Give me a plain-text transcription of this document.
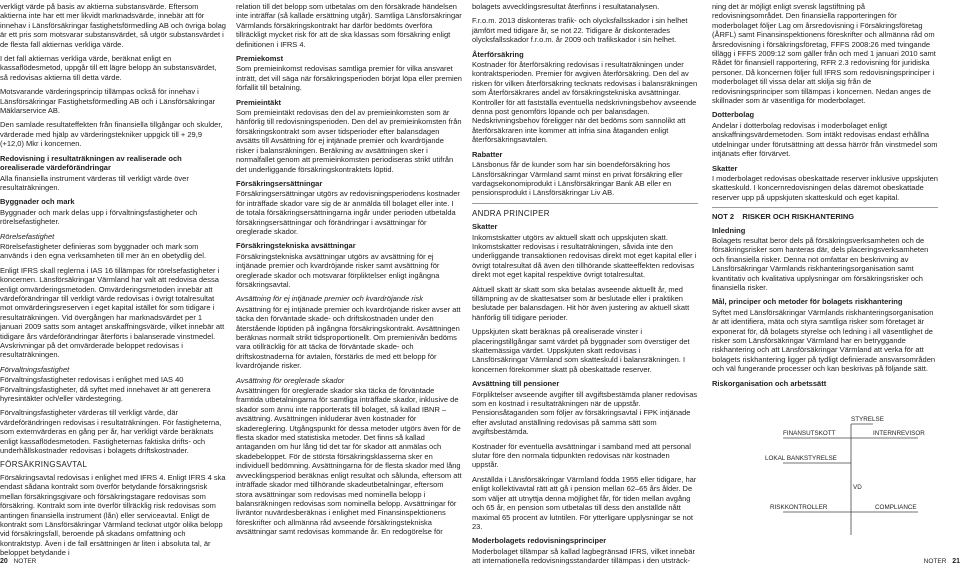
verkligt värde på basis av aktierna substansvärde. Eftersom aktierna inte har ett mer likvidt marknadsvärde, innebär att för innehav i Länsförsäkringar fastighetsförmedling AB och övriga bolag är ett pris som motsvarar substansvärdet, så utgör substansvärdet i de flesta fall aktiernas verkliga värde.

I det fall aktiernas verkliga värde, beräknat enligt en kassaflödesmetod, uppgår till ett lägre belopp än substansvärdet, så redovisas aktierna till detta värde.

Motsvarande värderingsprincip tillämpas också för innehav i Länsförsäkringar Fastighetsförmedling AB och i Länsförsäkringar Mäklarservice AB.

Den samlade resultateffekten från finansiella tillgångar och skulder, värderade med hjälp av värderingstekniker uppgick till + 29,9 (+12,0) Mkr i koncernen.

Redovisning i resultaträkningen av realiserade och orealiserade värdeförändringar

Alla finansiella instrument värderas till verkligt värde över resultaträkningen.

Byggnader och mark

Byggnader och mark delas upp i förvaltningsfastigheter och rörelsefastigheter.

Rörelsefastighet

Rörelsefastigheter definieras som byggnader och mark som används i den egna verksamheten till mer än en obetydlig del.

Enligt IFRS skall reglerna i IAS 16 tillämpas för rörelsefastigheter i koncernen. Länsförsäkringar Värmland har valt att redovisa dessa enligt omvärderingsmetoden. Omvärderingsmetoden innebär att värdeförändringar till verkligt värde redovisas i övrigt totalresultat mot omvärderingsreserven i eget kapital istället för som tidigare i resultaträkningen. Vid övergången har marknadsvärdet per 1 januari 2009 satts som antaget anskaffningsvärde, vilket innebär att tidigare års värdeförändringar återförts i balanserade vinstmedel. Avskrivningar på det omvärderade beloppet redovisas i resultaträkningen.

Förvaltningsfastighet

Förvaltningsfastigheter redovisas i enlighet med IAS 40 Förvaltningsfastigheter, då syftet med innehavet är att generera hyresintäkter och/eller värdestegring.

Förvaltningsfastigheter värderas till verkligt värde, där värdeförändringen redovisas i resultaträkningen. För fastigheterna, som externvärderas en gång per år, har verkligt värde beräknats enligt kassaflödesmetoden. Fastigheternas faktiska drifts- och underhållskostnader redovisas i bolagets driftskostnader.

FÖRSÄKRINGSAVTAL

Försäkringsavtal redovisas i enlighet med IFRS 4. Enligt IFRS 4 ska endast sådana kontrakt som överför betydande försäkringsrisk mellan försäkringsgivare och försäkringstagare redovisas som försäkring. Kontrakt som inte överför tillräcklig risk redovisas som antingen finansiella instrument (lån) eller serviceavtal. Enligt de kontrakt som Länsförsäkringar Värmland tecknat utgör olika belopp vid försäkringsfall, beroende på skadans omfattning och kontraktstyp. Även i de fall ersättningen är liten i absoluta tal, är beloppet betydande i

relation till det belopp som utbetalas om den försäkrade händelsen inte inträffar (så kallade ersättning utgår). Samtliga Länsförsäkringar Värmlands försäkringskontrakt har därför bedömts överföra tillräckligt mycket risk för att de ska klassas som försäkring enligt definitionen i IFRS 4.

Premiekomst

Som premieinkomst redovisas samtliga premier för vilka ansvaret inträtt, det vill säga när försäkringsperioden börjat löpa eller premien förfallit till betalning.

Premieintäkt

Som premieintäkt redovisas den del av premieinkomsten som är hänförlig till redovisningsperioden. Den del av premieinkomsten från försäkringskontrakt som avser tidsperioder efter balansdagen avsätts till Avsättning för ej intjänade premier och kvardröjande risker i balansräkningen. Beräkning av avsättningen sker i normalfallet genom att premieinkomsten periodiseras strikt utifrån det underliggande försäkringskontraktets löptid.

Försäkringsersättningar

Försäkringsersättningar utgörs av redovisningsperiodens kostnader för inträffade skador vare sig de är anmälda till bolaget eller inte. I de totala försäkringsersättningarna ingår under perioden utbetalda försäkringsersättningar och förändringar i avsättningar för oreglerade skador.

Försäkringstekniska avsättningar

Försäkringstekniska avsättningar utgörs av avsättning för ej intjänade premier och kvardröjande risker samt avsättning för oreglerade skador och motsvarar förpliktelser enligt ingångna försäkringsavtal.

Avsättning för ej intjänade premier och kvardröjande risk

Avsättning för ej intjänade premier och kvardröjande risker avser att täcka den förväntade skade- och driftskostnaden under den återstående löptiden på ingångna försäkringskontrakt. Avsättningen beräknas normalt strikt tidsproportionellt. Om premienivån bedöms vara otillräcklig för att täcka de förväntade skade- och driftskostnaderna för avtalen, förstärks de med ett belopp för kvardröjande risker.

Avsättning för oreglerade skador

Avsättningen för oreglerade skador ska täcka de förväntade framtida utbetalningarna för samtliga inträffade skador, inklusive de skador som ännu inte rapporterats till bolaget, så kallad IBNR – avsättning. Avsättningen inkluderar även kostnader för skadereglering. Utgångspunkt för dessa metoder utgörs även för de flesta skador med statistiska metoder. Det finns så kallad antaganden om hur lång tid det tar för skador att anmälas och skadebeloppet. För de största försäkringsklasserna sker en individuell bedömning. Avsättningarna för de flesta skador med lång avvecklingsperiod beräknas enligt resultat och sålunda, eftersom att inträffade skador med tillhörande skadeutbetalningar, eftersom stora avsättningar som redovisas med nominella belopp i balansräkningen redovisas som nominella belopp. Avsättningar för livräntor nuvärdesberäknas i enlighet med Finansinspektionens föreskrifter och allmänna råd avseende försäkringstekniska avsättningar samt redovisas kommande år. En redogörelse för

bolagets avvecklingsresultat återfinns i resultatanalysen.

F.r.o.m. 2013 diskonteras trafik- och olycksfallsskador i sin helhet jämfört med tidigare år, se not 22. Tidigare år diskonterades olycksfallsskador f.r.o.m. år 2009 och trafikskador i sin helhet.

Återförsäkring

Kostnader för återförsäkring redovisas i resultaträkningen under kontraktsperioden. Premier för avgiven återförsäkring. Den del av risken för vilken återförsäkring tecknats redovisas i balansräkningen som Återförsäkrares andel av försäkringstekniska avsättningar. Kontroller för att fastställa eventuella nedskrivningsbehov avseende denna post genomförs löpande och per balansdagen. Nedskrivningsbehov föreligger när det bedöms som sannolikt att återförsäkraren inte kommer att infria sina åtaganden enligt återförsäkringsavtalen.

Rabatter

Länsbonus får de kunder som har sin boendeförsäkring hos Länsförsäkringar Värmland samt minst en privat försäkring eller vardagsekonomiprodukt i Länsförsäkringar Bank AB eller en pensionsprodukt i Länsförsäkringar Liv AB.

ANDRA PRINCIPER
Skatter

Inkomstskatter utgörs av aktuell skatt och uppskjuten skatt. Inkomstskatter redovisas i resultaträkningen, såvida inte den underliggande transaktionen redovisas direkt mot eget kapital eller i övrigt totalresultat då även den tillhörande skatteeffekten redovisas direkt mot eget kapital respektive övrigt totalresultat.

Aktuell skatt är skatt som ska betalas avseende aktuellt år, med tillämpning av de skattesatser som är beslutade eller i praktiken beslutade per balansdagen. Hit hör även justering av aktuell skatt hänförlig till tidigare perioder.

Uppskjuten skatt beräknas på orealiserade vinster i placeringstillgångar samt värdet på byggnader som överstiger det skattemässiga värdet. Uppskjuten skatt redovisas i Länsförsäkringar Värmland som skatteskuld i balansräkningen. I koncernen förekommer skatt på obeskattade reserver.

Avsättning till pensioner

Förpliktelser avseende avgifter till avgiftsbestämda planer redovisas som en kostnad i resultaträkningen när de uppstår. Pensionsåtaganden som följer av försäkringsavtal i FPK intjänade efter avslutad anställning redovisas på samma sätt som avgiftsbestämda.

Kostnader för eventuella avsättningar i samband med att personal slutar före den normala tidpunkten redovisas när kostnaden uppstår.

Anställda i Länsförsäkringar Värmland födda 1955 eller tidigare, har enligt kollektivavtal rätt att gå i pension mellan 62–65 års ålder. De som väljer att utnyttja denna möjlighet får, för tiden mellan avgång och 65 år, en pension som utbetalas till dess den anställde nått maximal 65 procent av lutntilen. För ytterligare upplysningar se not 23.

Moderbolagets redovisningsprinciper

Moderbolaget tillämpar så kallad lagbegränsad IFRS, vilket innebär att internationella redovisningsstandarder tillämpas i den utsträck-

ning det är möjligt enligt svensk lagstiftning på redovisningsområdet. Den finansiella rapporteringen för moderbolaget följer Lag om årsredovisning i Försäkringsföretag (ÅRFL) samt Finansinspektionens föreskrifter och allmänna råd om årsredovisning i försäkringsföretag, FFFS 2008:26 med tvingande tillägg i FFFS 2009:12 som gäller från och med 1 januari 2010 samt Rådet för finansiell rapportering, RFR 2.3 redovisning för juridiska personer. Då koncernen följer full IFRS som redovisningsprinciper i moderbolaget till vissa delar att skilja sig från de redovisningsprinciper som tillämpas i koncernen. Nedan anges de skillnader som är väsentliga för moderbolaget.

Dotterbolag

Andelar i dotterbolag redovisas i moderbolaget enligt anskaffningsvärdemetoden. Som intäkt redovisas endast erhållna utdelningar under förutsättning att dessa härrör från vinstmedel som intjänats efter förvärvet.

Skatter

I moderbolaget redovisas obeskattade reserver inklusive uppskjuten skatteskuld. I koncernredovisningen delas däremot obeskattade reserver upp på uppskjuten skatteskuld och eget kapital.

NOT 2    RISKER OCH RISKHANTERING
Inledning

Bolagets resultat beror dels på försäkringsverksamheten och de försäkringsrisker som hanteras där, dels placeringsverksamheten och finansiella risker. Denna not omfattar en beskrivning av Länsförsäkringar Värmlands riskhanteringsorganisation samt kvantitativ och kvalitativa upplysningar om försäkringsrisker och finansiella risker.

Mål, principer och metoder för bolagets riskhantering

Syftet med Länsförsäkringar Värmlands riskhanteringsorganisation är att identifiera, mäta och styra samtliga risker som företaget är exponerat för, då bolagets styrelse och ledning i all väsentlighet de risker som Länsförsäkringar Värmland har en betryggande riskhantering och att Länsförsäkringar Värmland att verka för att bolagets riskhantering ligger på tydligt definierade ansvarsområden och väl fungerande processer och kan beskrivas på följande sätt.

Riskorganisation och arbetssätt
STYRELSE
FINANSUTSKOTT	INTERNREVISOR
LOKAL BANKSTYRELSE
VD
RISKKONTROLLER	COMPLIANCE
20 NOTER	NOTER 21
